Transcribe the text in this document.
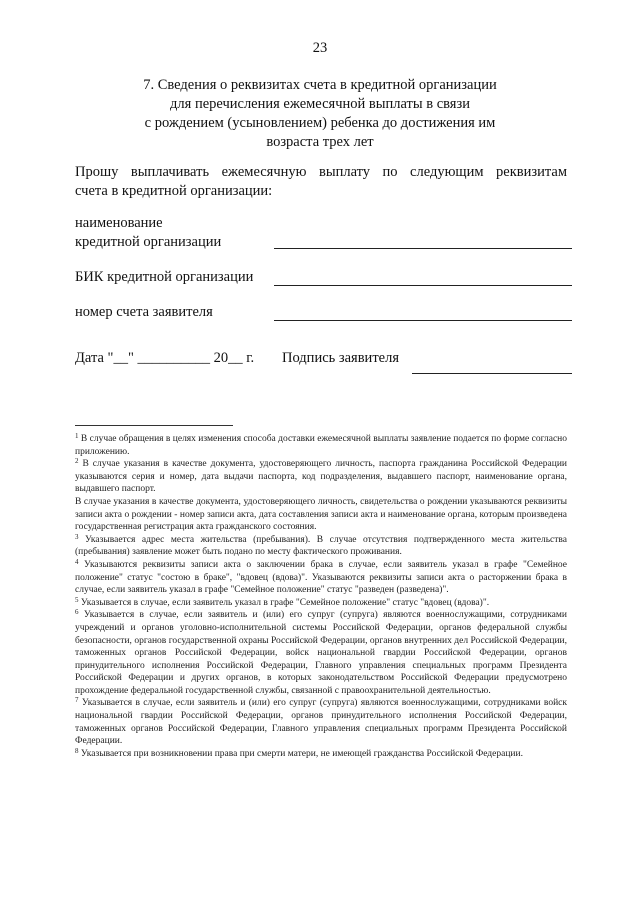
23
7. Сведения о реквизитах счета в кредитной организации
для перечисления ежемесячной выплаты в связи
с рождением (усыновлением) ребенка до достижения им
возраста трех лет
Прошу выплачивать ежемесячную выплату по следующим реквизитам
счета в кредитной организации:
наименование
кредитной организации
БИК кредитной организации
номер счета заявителя
Дата "__" __________ 20__ г. Подпись заявителя

$^1$ В случае обращения в целях изменения способа доставки ежемесячной выплаты заявление подается по форме согласно приложению.

$^2$ В случае указания в качестве документа, удостоверяющего личность, паспорта гражданина Российской Федерации указываются серия и номер, дата выдачи паспорта, код подразделения, выдавшего паспорт, наименование органа, выдавшего паспорт.

В случае указания в качестве документа, удостоверяющего личность, свидетельства о рождении указываются реквизиты записи акта о рождении - номер записи акта, дата составления записи акта и наименование органа, которым произведена государственная регистрация акта гражданского состояния.

$^3$ Указывается адрес места жительства (пребывания). В случае отсутствия подтвержденного места жительства (пребывания) заявление может быть подано по месту фактического проживания.

$^4$ Указываются реквизиты записи акта о заключении брака в случае, если заявитель указал в графе "Семейное положение" статус "состою в браке", "вдовец (вдова)". Указываются реквизиты записи акта о расторжении брака в случае, если заявитель указал в графе "Семейное положение" статус "разведен (разведена)".

$^5$ Указывается в случае, если заявитель указал в графе "Семейное положение" статус "вдовец (вдова)".

$^6$ Указывается в случае, если заявитель и (или) его супруг (супруга) являются военнослужащими, сотрудниками учреждений и органов уголовно-исполнительной системы Российской Федерации, органов федеральной службы безопасности, органов государственной охраны Российской Федерации, органов внутренних дел Российской Федерации, таможенных органов Российской Федерации, войск национальной гвардии Российской Федерации, органов принудительного исполнения Российской Федерации, Главного управления специальных программ Президента Российской Федерации и других органов, в которых законодательством Российской Федерации предусмотрено прохождение федеральной государственной службы, связанной с правоохранительной деятельностью.

$^7$ Указывается в случае, если заявитель и (или) его супруг (супруга) являются военнослужащими, сотрудниками войск национальной гвардии Российской Федерации, органов принудительного исполнения Российской Федерации, таможенных органов Российской Федерации, Главного управления специальных программ Президента Российской Федерации.

$^8$ Указывается при возникновении права при смерти матери, не имеющей гражданства Российской Федерации.
